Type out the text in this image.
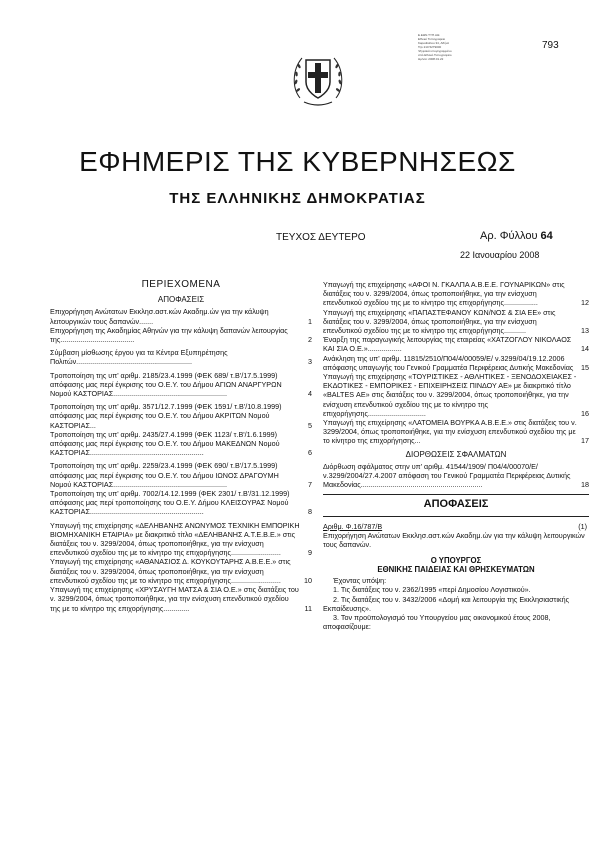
Ε.ΕΘΝ.ΤΥΠ.ΑΘ.
Εθνικό Τυπογραφείο
Kapodistriou 34, Αθήνα
Τηλ 210 5279000
Ψηφιακά υπογεγραμμένο
από Εθνικό Τυπογραφείο
Ημ/νία: 2008.01.22
793
ΕΦΗΜΕΡΙΣ ΤΗΣ ΚΥΒΕΡΝΗΣΕΩΣ
ΤΗΣ ΕΛΛΗΝΙΚΗΣ ΔΗΜΟΚΡΑΤΙΑΣ
ΤΕΥΧΟΣ ΔΕΥΤΕΡΟ	Αρ. Φύλλου 64
22 Ιανουαρίου 2008
ΠΕΡΙΕΧΟΜΕΝΑ
ΑΠΟΦΑΣΕΙΣ
Επιχορήγηση Ανώτατων Εκκλησ.αστ.κών Ακαδημ.ών για την κάλυψη λειτουργικών τους δαπανών.......	1
Επιχορήγηση της Ακαδημίας Αθηνών για την κάλυψη δαπανών λειτουργίας της.....................................	2
Σύμβαση μίσθωσης έργου για τα Κέντρα Εξυπηρέτησης Πολιτών..........................................................	3
Τροποποίηση της υπ' αριθμ. 2185/23.4.1999 (ΦΕΚ 689/ τ.Β'/17.5.1999) απόφασης μας περί έγκρισης του Ο.Ε.Υ. του Δήμου ΑΓΙΩΝ ΑΝΑΡΓΥΡΩΝ Νομού ΚΑΣΤΟΡΙΑΣ.........................................................	4
Τροποποίηση της υπ' αριθμ. 3571/12.7.1999 (ΦΕΚ 1591/ τ.Β'/10.8.1999) απόφασης μας περί έγκρισης του Ο.Ε.Υ. του Δήμου ΑΚΡΙΤΩΝ Νομού ΚΑΣΤΟΡΙΑΣ...	5
Τροποποίηση της υπ' αριθμ. 2435/27.4.1999 (ΦΕΚ 1123/ τ.Β'/1.6.1999) απόφασης μας περί έγκρισης του Ο.Ε.Υ. του Δήμου ΜΑΚΕΔΝΩΝ Νομού ΚΑΣΤΟΡΙΑΣ.........................................................	6
Τροποποίηση της υπ' αριθμ. 2259/23.4.1999 (ΦΕΚ 690/ τ.Β'/17.5.1999) απόφασης μας περί έγκρισης του Ο.Ε.Υ. του Δήμου ΙΩΝΟΣ ΔΡΑΓΟΥΜΗ Νομού ΚΑΣΤΟΡΙΑΣ.........................................................	7
Τροποποίηση της υπ' αριθμ. 7002/14.12.1999 (ΦΕΚ 2301/ τ.Β'/31.12.1999) απόφασης μας περί τροποποίησης του Ο.Ε.Υ. Δήμου ΚΛΕΙΣΟΥΡΑΣ Νομού ΚΑΣΤΟΡΙΑΣ.........................................................	8
Υπαγωγή της επιχείρησης «ΔΕΛΗΒΑΝΗΣ ΑΝΩΝΥΜΟΣ ΤΕΧΝΙΚΗ ΕΜΠΟΡΙΚΗ ΒΙΟΜΗΧΑΝΙΚΗ ΕΤΑΙΡΙΑ» με διακριτικό τίτλο «ΔΕΛΗΒΑΝΗΣ Α.Τ.Ε.Β.Ε.» στις διατάξεις του ν. 3299/2004, όπως τροποποιήθηκε, για την ενίσχυση επενδυτικού σχεδίου της με το κίνητρο της επιχορήγησης.........................	9
Υπαγωγή της επιχείρησης «ΑΘΑΝΑΣΙΟΣ Δ. ΚΟΥΚΟΥΤΑΡΗΣ Α.Β.Ε.Ε.» στις διατάξεις του ν. 3299/2004, όπως τροποποιήθηκε, για την ενίσχυση επενδυτικού σχεδίου της με το κίνητρο της επιχορήγησης.........................	10
Υπαγωγή της επιχείρησης «ΧΡΥΣΑΥΓΗ ΜΑΤΣΑ & ΣΙΑ Ο.Ε.» στις διατάξεις του ν. 3299/2004, όπως τροποποιήθηκε, για την ενίσχυση επενδυτικού σχεδίου της με το κίνητρο της επιχορήγησης.............	11
Υπαγωγή της επιχείρησης «ΑΦΟΙ Ν. ΓΚΑΛΠΑ Α.Β.Ε.Ε. ΓΟΥΝΑΡΙΚΩΝ» στις διατάξεις του ν. 3299/2004, όπως τροποποιήθηκε, για την ενίσχυση επενδυτικού σχεδίου της με το κίνητρο της επιχορήγησης.................	12
Υπαγωγή της επιχείρησης «ΠΑΠΑΣΤΕΦΑΝΟΥ ΚΩΝ/ΝΟΣ & ΣΙΑ ΕΕ» στις διατάξεις του ν. 3299/2004, όπως τροποποιήθηκε, για την ενίσχυση επενδυτικού σχεδίου της με το κίνητρο της επιχορήγησης...........	13
Έναρξη της παραγωγικής λειτουργίας της εταιρείας «ΧΑΤΖΟΓΛΟΥ ΝΙΚΟΛΑΟΣ ΚΑΙ ΣΙΑ Ο.Ε.».................	14
Ανάκληση της υπ' αριθμ. 11815/2510/Π04/4/00059/Ε/ ν.3299/04/19.12.2006 απόφασης υπαγωγής του Γενικού Γραμματέα Περιφέρειας Δυτικής Μακεδονίας	15
Υπαγωγή της επιχείρησης «ΤΟΥΡΙΣΤΙΚΕΣ - ΑΘΛΗΤΙΚΕΣ - ΞΕΝΟΔΟΧΕΙΑΚΕΣ - ΕΚΔΟΤΙΚΕΣ - ΕΜΠΟΡΙΚΕΣ - ΕΠΙΧΕΙΡΗΣΕΙΣ ΠΙΝΔΟΥ ΑΕ» με διακριτικό τίτλο «BALTES ΑΕ» στις διατάξεις του ν. 3299/2004, όπως τροποποιήθηκε, για την ενίσχυση επενδυτικού σχεδίου της με το κίνητρο της επιχορήγησης.............................	16
Υπαγωγή της επιχείρησης «ΛΑΤΟΜΕΙΑ ΒΟΥΡΚΑ Α.Β.Ε.Ε.» στις διατάξεις του ν. 3299/2004, όπως τροποποιήθηκε, για την ενίσχυση επενδυτικού σχεδίου της με το κίνητρο της επιχορήγησης...	17
ΔΙΟΡΘΩΣΕΙΣ ΣΦΑΛΜΑΤΩΝ
Διόρθωση σφάλματος στην υπ' αριθμ. 41544/1909/ Π04/4/00070/Ε/ν.3299/2004/27.4.2007 απόφαση του Γενικού Γραμματέα Περιφέρειας Δυτικής Μακεδονίας.............................................................	18
ΑΠΟΦΑΣΕΙΣ
Αριθμ. Φ.16/787/Β	(1)
Επιχορήγηση Ανώτατων Εκκλησ.αστ.κών Ακαδημ.ών για την κάλυψη λειτουργικών τους δαπανών.
Ο ΥΠΟΥΡΓΟΣ
ΕΘΝΙΚΗΣ ΠΑΙΔΕΙΑΣ ΚΑΙ ΘΡΗΣΚΕΥΜΑΤΩΝ
Έχοντας υπόψη:
1. Τις διατάξεις του ν. 2362/1995 «περί Δημοσίου Λογιστικού».
2. Τις διατάξεις του ν. 3432/2006 «Δομή και λειτουργία της Εκκλησιαστικής Εκπαίδευσης».
3. Τον προϋπολογισμό του Υπουργείου μας οικονομικού έτους 2008, αποφασίζουμε:
